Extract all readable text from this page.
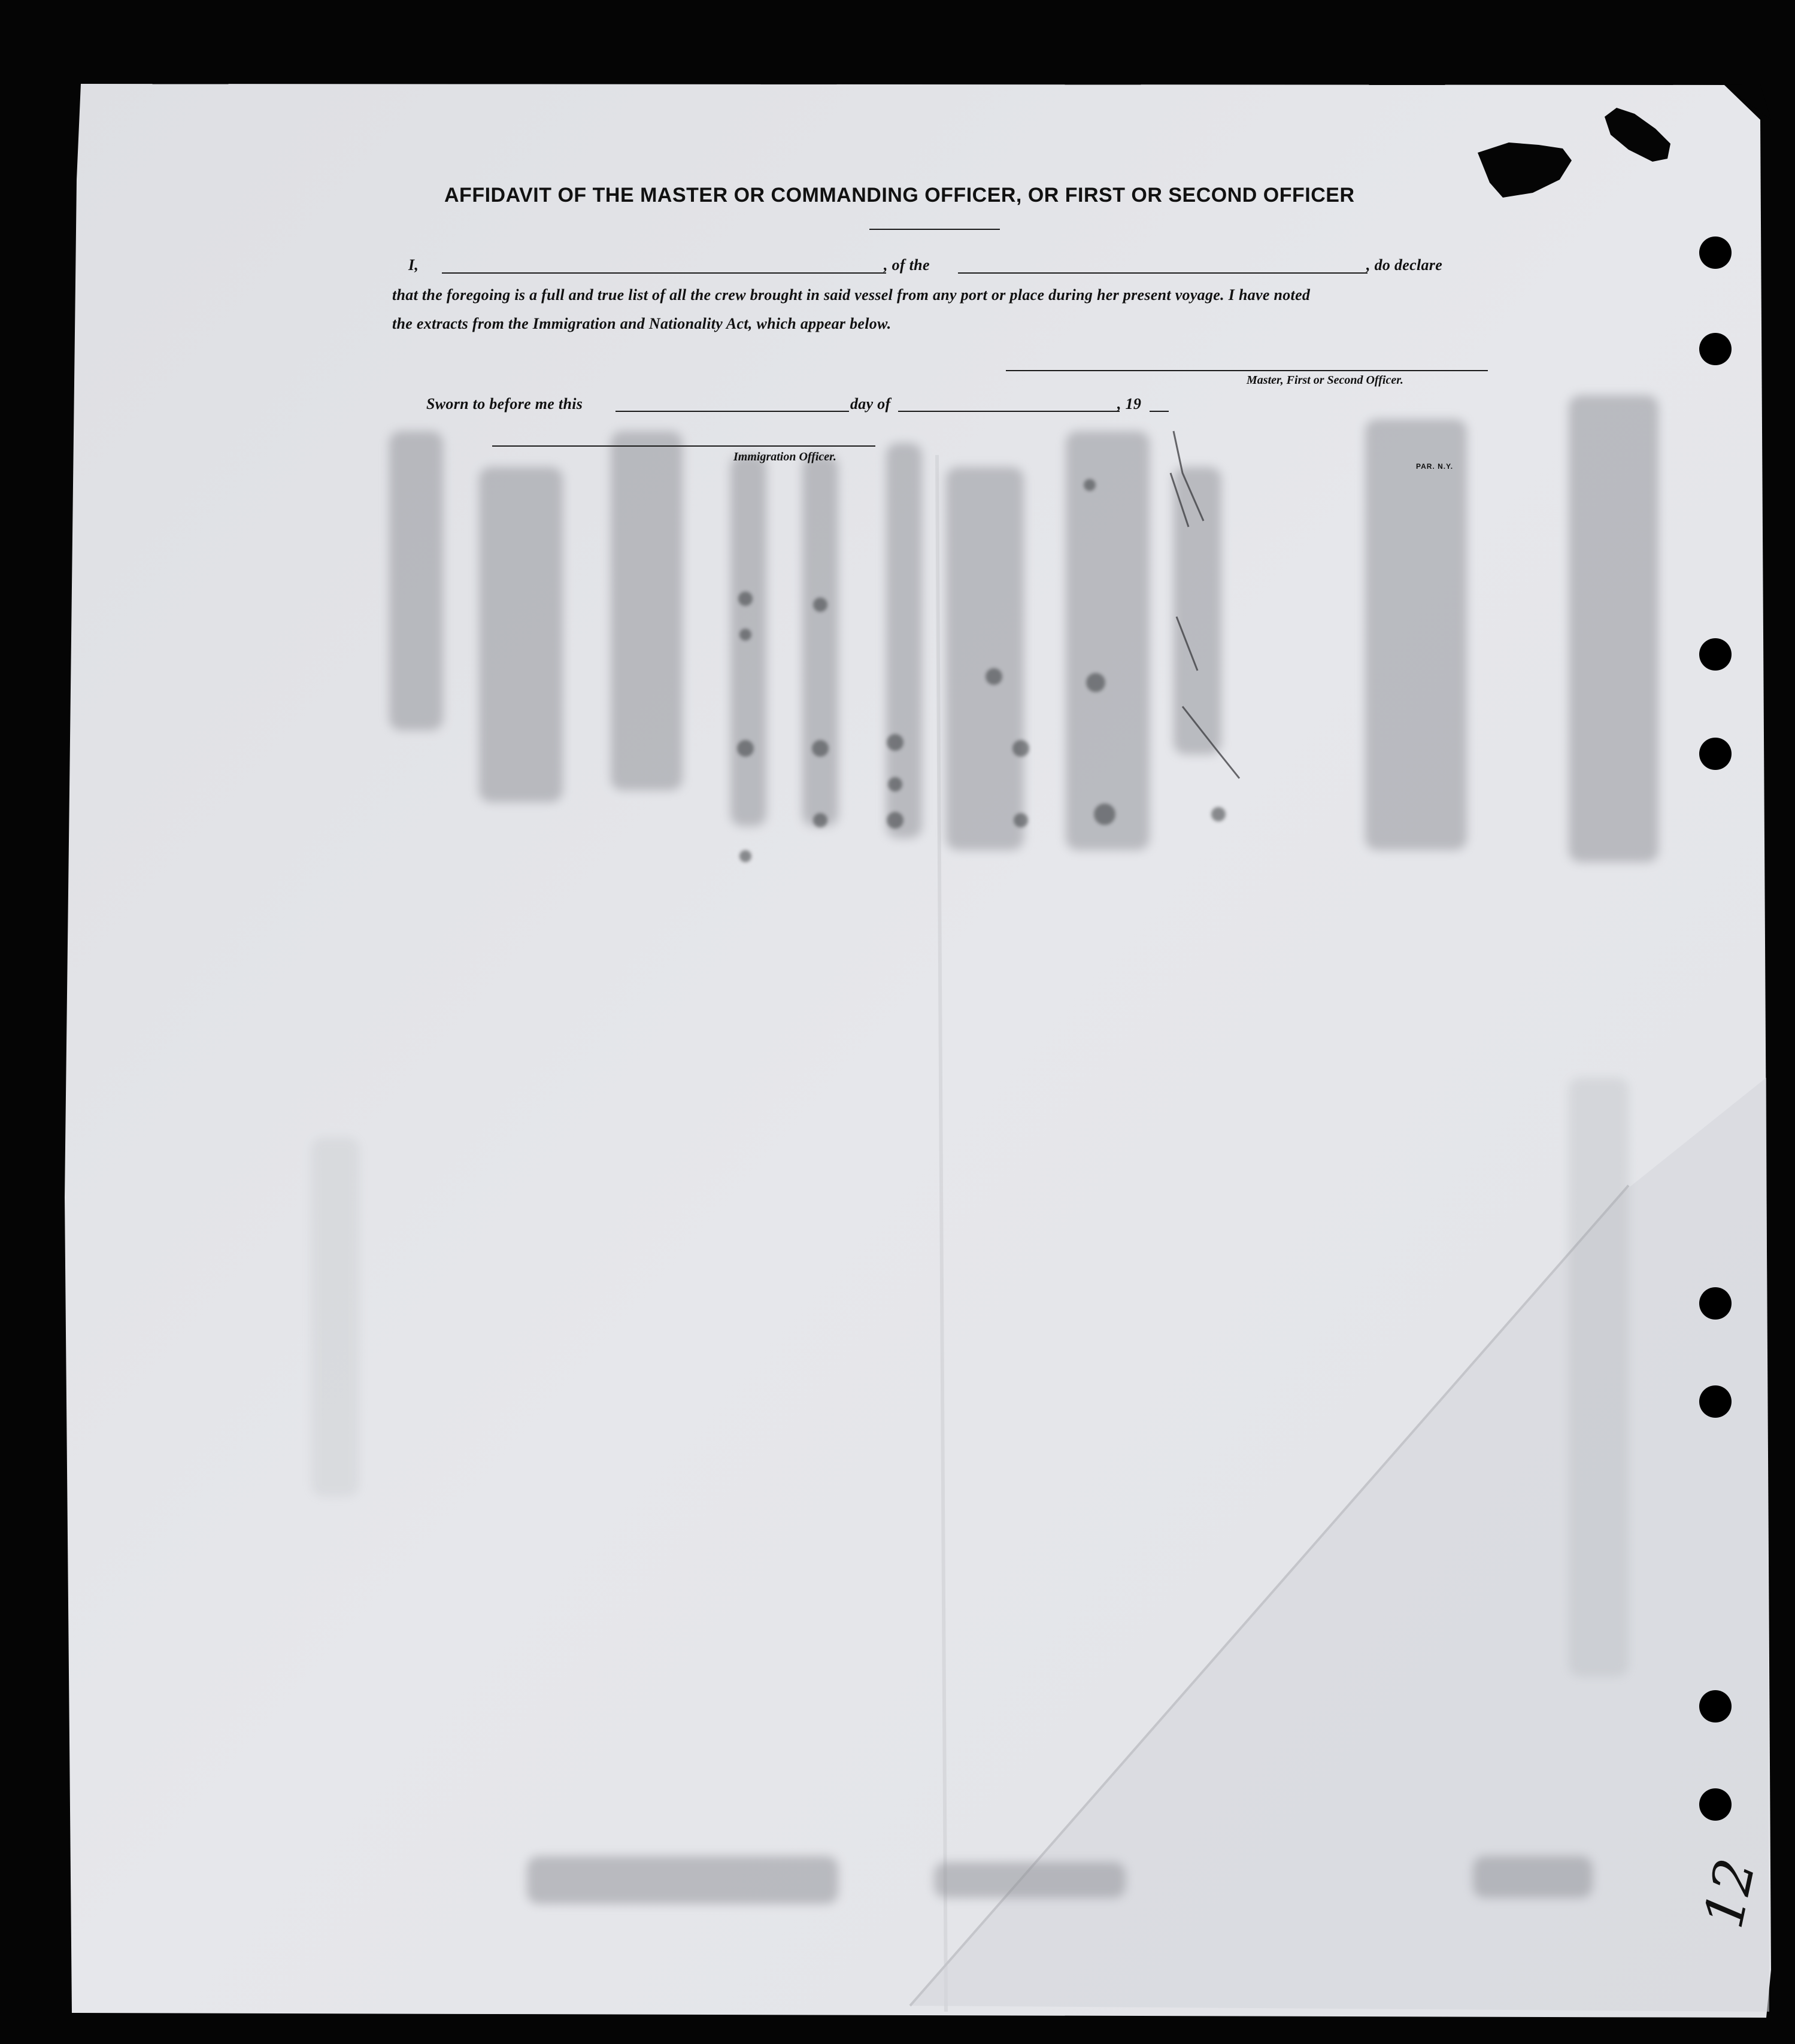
AFFIDAVIT OF THE MASTER OR COMMANDING OFFICER, OR FIRST OR SECOND OFFICER
I,	, of the	, do declare
that the foregoing is a full and true list of all the crew brought in said vessel from any port or place during her present voyage. I have noted
the extracts from the Immigration and Nationality Act, which appear below.
Master, First or Second Officer.
Sworn to before me this	day of	, 19
Immigration Officer.
PAR. N.Y.
12
